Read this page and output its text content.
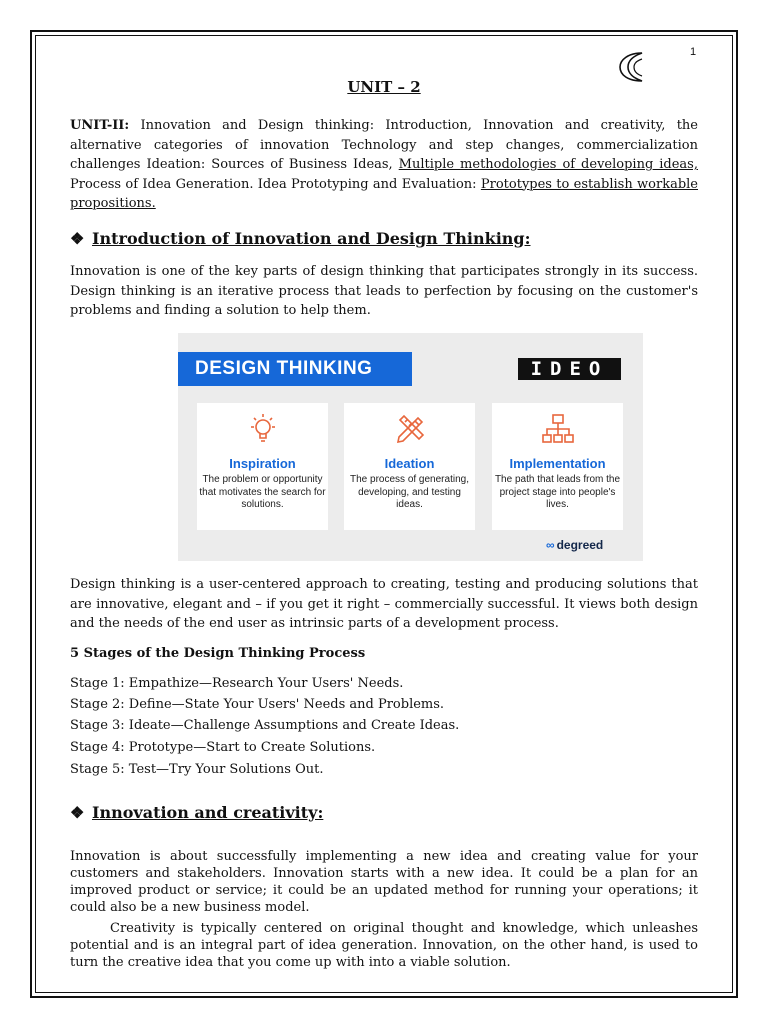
1
UNIT – 2

UNIT-II: Innovation and Design thinking: Introduction, Innovation and creativity, the alternative categories of innovation Technology and step changes, commercialization challenges Ideation: Sources of Business Ideas, Multiple methodologies of developing ideas, Process of Idea Generation. Idea Prototyping and Evaluation: Prototypes to establish workable propositions.

❖ Introduction of Innovation and Design Thinking:

Innovation is one of the key parts of design thinking that participates strongly in its success. Design thinking is an iterative process that leads to perfection by focusing on the customer's problems and finding a solution to help them.

DESIGN THINKING	IDEO
Inspiration
The problem or opportunity that motivates the search for solutions.
Ideation
The process of generating, developing, and testing ideas.
Implementation
The path that leads from the project stage into people's lives.
∞ degreed

Design thinking is a user-centered approach to creating, testing and producing solutions that are innovative, elegant and – if you get it right – commercially successful. It views both design and the needs of the end user as intrinsic parts of a development process.

5 Stages of the Design Thinking Process
Stage 1: Empathize—Research Your Users' Needs.
Stage 2: Define—State Your Users' Needs and Problems.
Stage 3: Ideate—Challenge Assumptions and Create Ideas.
Stage 4: Prototype—Start to Create Solutions.
Stage 5: Test—Try Your Solutions Out.
❖ Innovation and creativity:

Innovation is about successfully implementing a new idea and creating value for your customers and stakeholders. Innovation starts with a new idea. It could be a plan for an improved product or service; it could be an updated method for running your operations; it could also be a new business model.

Creativity is typically centered on original thought and knowledge, which unleashes potential and is an integral part of idea generation. Innovation, on the other hand, is used to turn the creative idea that you come up with into a viable solution.
